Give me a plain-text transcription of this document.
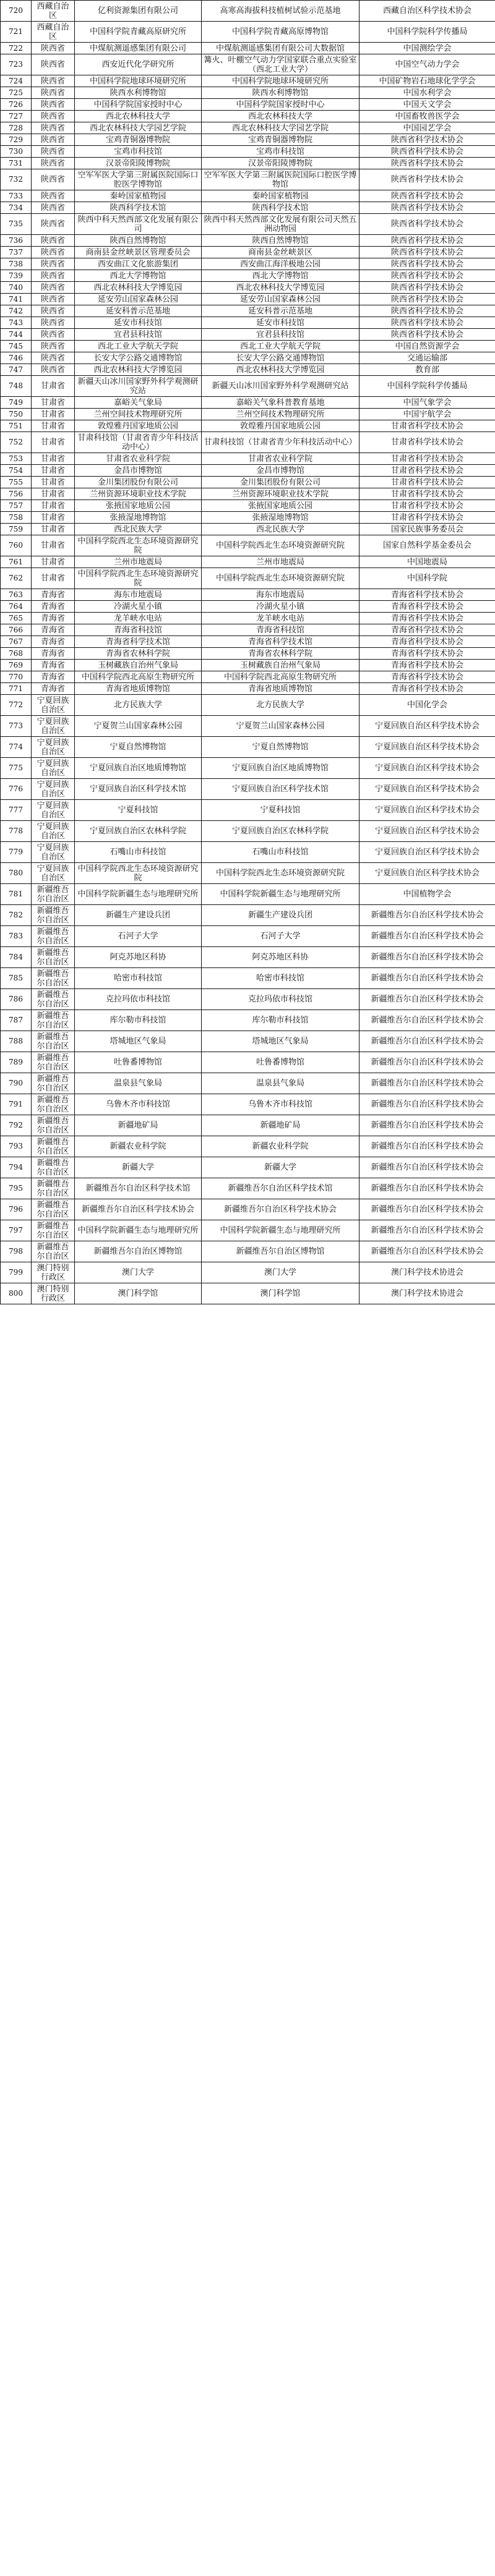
720	西藏自治区	亿利资源集团有限公司	高寒高海拔科技植树试验示范基地	西藏自治区科学技术协会
721	西藏自治区	中国科学院青藏高原研究所	中国科学院青藏高原博物馆	中国科学院科学传播局
722	陕西省	中煤航测遥感集团有限公司	中煤航测遥感集团有限公司大数据馆	中国测绘学会
723	陕西省	西安近代化学研究所	篝火、叶棚空气动力学国家联合重点实验室（西北工业大学）	中国空气动力学会
724	陕西省	中国科学院地球环境研究所	中国科学院地球环境研究所	中国矿物岩石地球化学学会
725	陕西省	陕西水利博物馆	陕西水利博物馆	中国水利学会
726	陕西省	中国科学院国家授时中心	中国科学院国家授时中心	中国天文学会
727	陕西省	西北农林科技大学	西北农林科技大学	中国畜牧兽医学会
728	陕西省	西北农林科技大学园艺学院	西北农林科技大学园艺学院	中国园艺学会
729	陕西省	宝鸡青铜器博物院	宝鸡青铜器博物院	陕西省科学技术协会
730	陕西省	宝鸡市科技馆	宝鸡市科技馆	陕西省科学技术协会
731	陕西省	汉景帝阳陵博物院	汉景帝阳陵博物院	陕西省科学技术协会
732	陕西省	空军军医大学第三附属医院国际口腔医学博物馆	空军军医大学第三附属医院国际口腔医学博物馆	陕西省科学技术协会
733	陕西省	秦岭国家植物园	秦岭国家植物园	陕西省科学技术协会
734	陕西省	陕西科学技术馆	陕西科学技术馆	陕西省科学技术协会
735	陕西省	陕西中科天然西部文化发展有限公司	陕西中科天然西部文化发展有限公司天然五洲动物园	陕西省科学技术协会
736	陕西省	陕西自然博物馆	陕西自然博物馆	陕西省科学技术协会
737	陕西省	商南县金丝峡景区管理委员会	商南县金丝峡景区	陕西省科学技术协会
738	陕西省	西安曲江文化旅游集团	西安曲江海洋极地公园	陕西省科学技术协会
739	陕西省	西北大学博物馆	西北大学博物馆	陕西省科学技术协会
740	陕西省	西北农林科技大学博览园	西北农林科技大学博览园	陕西省科学技术协会
741	陕西省	延安劳山国家森林公园	延安劳山国家森林公园	陕西省科学技术协会
742	陕西省	延安科普示范基地	延安科普示范基地	陕西省科学技术协会
743	陕西省	延安市科技馆	延安市科技馆	陕西省科学技术协会
744	陕西省	宜君县科技馆	宜君县科技馆	陕西省科学技术协会
745	陕西省	西北工业大学航天学院	西北工业大学航天学院	中国自然资源学会
746	陕西省	长安大学公路交通博物馆	长安大学公路交通博物馆	交通运输部
747	陕西省	西北农林科技大学博览园	西北农林科技大学博览园	教育部
748	甘肃省	新疆天山冰川国家野外科学观测研究站	新疆天山冰川国家野外科学观测研究站	中国科学院科学传播局
749	甘肃省	嘉峪关气象局	嘉峪关气象科普教育基地	中国气象学会
750	甘肃省	兰州空间技术物理研究所	兰州空间技术物理研究所	中国宇航学会
751	甘肃省	敦煌雅丹国家地质公园	敦煌雅丹国家地质公园	甘肃省科学技术协会
752	甘肃省	甘肃科技馆（甘肃省青少年科技活动中心）	甘肃科技馆（甘肃省青少年科技活动中心）	甘肃省科学技术协会
753	甘肃省	甘肃省农业科学院	甘肃省农业科学院	甘肃省科学技术协会
754	甘肃省	金昌市博物馆	金昌市博物馆	甘肃省科学技术协会
755	甘肃省	金川集团股份有限公司	金川集团股份有限公司	甘肃省科学技术协会
756	甘肃省	兰州资源环境职业技术学院	兰州资源环境职业技术学院	甘肃省科学技术协会
757	甘肃省	张掖国家地质公园	张掖国家地质公园	甘肃省科学技术协会
758	甘肃省	张掖湿地博物馆	张掖湿地博物馆	甘肃省科学技术协会
759	甘肃省	西北民族大学	西北民族大学	国家民族事务委员会
760	甘肃省	中国科学院西北生态环境资源研究院	中国科学院西北生态环境资源研究院	国家自然科学基金委员会
761	甘肃省	兰州市地震局	兰州市地震局	中国地震局
762	甘肃省	中国科学院西北生态环境资源研究院	中国科学院西北生态环境资源研究院	中国科学院
763	青海省	海东市地震局	海东市地震局	青海省科学技术协会
764	青海省	冷湖火星小镇	冷湖火星小镇	青海省科学技术协会
765	青海省	龙羊峡水电站	龙羊峡水电站	青海省科学技术协会
766	青海省	青海省科技馆	青海省科技馆	青海省科学技术协会
767	青海省	青海省科学技术馆	青海省科学技术馆	青海省科学技术协会
768	青海省	青海省农林科学院	青海省农林科学院	青海省科学技术协会
769	青海省	玉树藏族自治州气象局	玉树藏族自治州气象局	青海省科学技术协会
770	青海省	中国科学院西北高原生物研究所	中国科学院西北高原生物研究所	青海省科学技术协会
771	青海省	青海省地质博物馆	青海省地质博物馆	青海省科学技术协会
772	宁夏回族自治区	北方民族大学	北方民族大学	中国化学会
773	宁夏回族自治区	宁夏贺兰山国家森林公园	宁夏贺兰山国家森林公园	宁夏回族自治区科学技术协会
774	宁夏回族自治区	宁夏自然博物馆	宁夏自然博物馆	宁夏回族自治区科学技术协会
775	宁夏回族自治区	宁夏回族自治区地质博物馆	宁夏回族自治区地质博物馆	宁夏回族自治区科学技术协会
776	宁夏回族自治区	宁夏回族自治区科学技术馆	宁夏回族自治区科学技术馆	宁夏回族自治区科学技术协会
777	宁夏回族自治区	宁夏科技馆	宁夏科技馆	宁夏回族自治区科学技术协会
778	宁夏回族自治区	宁夏回族自治区农林科学院	宁夏回族自治区农林科学院	宁夏回族自治区科学技术协会
779	宁夏回族自治区	石嘴山市科技馆	石嘴山市科技馆	宁夏回族自治区科学技术协会
780	宁夏回族自治区	中国科学院西北生态环境资源研究院	中国科学院西北生态环境资源研究院	宁夏回族自治区科学技术协会
781	新疆维吾尔自治区	中国科学院新疆生态与地理研究所	中国科学院新疆生态与地理研究所	中国植物学会
782	新疆维吾尔自治区	新疆生产建设兵团	新疆生产建设兵团	新疆维吾尔自治区科学技术协会
783	新疆维吾尔自治区	石河子大学	石河子大学	新疆维吾尔自治区科学技术协会
784	新疆维吾尔自治区	阿克苏地区科协	阿克苏地区科协	新疆维吾尔自治区科学技术协会
785	新疆维吾尔自治区	哈密市科技馆	哈密市科技馆	新疆维吾尔自治区科学技术协会
786	新疆维吾尔自治区	克拉玛依市科技馆	克拉玛依市科技馆	新疆维吾尔自治区科学技术协会
787	新疆维吾尔自治区	库尔勒市科技馆	库尔勒市科技馆	新疆维吾尔自治区科学技术协会
788	新疆维吾尔自治区	塔城地区气象局	塔城地区气象局	新疆维吾尔自治区科学技术协会
789	新疆维吾尔自治区	吐鲁番博物馆	吐鲁番博物馆	新疆维吾尔自治区科学技术协会
790	新疆维吾尔自治区	温泉县气象局	温泉县气象局	新疆维吾尔自治区科学技术协会
791	新疆维吾尔自治区	乌鲁木齐市科技馆	乌鲁木齐市科技馆	新疆维吾尔自治区科学技术协会
792	新疆维吾尔自治区	新疆地矿局	新疆地矿局	新疆维吾尔自治区科学技术协会
793	新疆维吾尔自治区	新疆农业科学院	新疆农业科学院	新疆维吾尔自治区科学技术协会
794	新疆维吾尔自治区	新疆大学	新疆大学	新疆维吾尔自治区科学技术协会
795	新疆维吾尔自治区	新疆维吾尔自治区科学技术馆	新疆维吾尔自治区科学技术馆	新疆维吾尔自治区科学技术协会
796	新疆维吾尔自治区	新疆维吾尔自治区科学技术协会	新疆维吾尔自治区科学技术协会	新疆维吾尔自治区科学技术协会
797	新疆维吾尔自治区	中国科学院新疆生态与地理研究所	中国科学院新疆生态与地理研究所	新疆维吾尔自治区科学技术协会
798	新疆维吾尔自治区	新疆维吾尔自治区博物馆	新疆维吾尔自治区博物馆	新疆维吾尔自治区科学技术协会
799	澳门特别行政区	澳门大学	澳门大学	澳门科学技术协进会
800	澳门特别行政区	澳门科学馆	澳门科学馆	澳门科学技术协进会
